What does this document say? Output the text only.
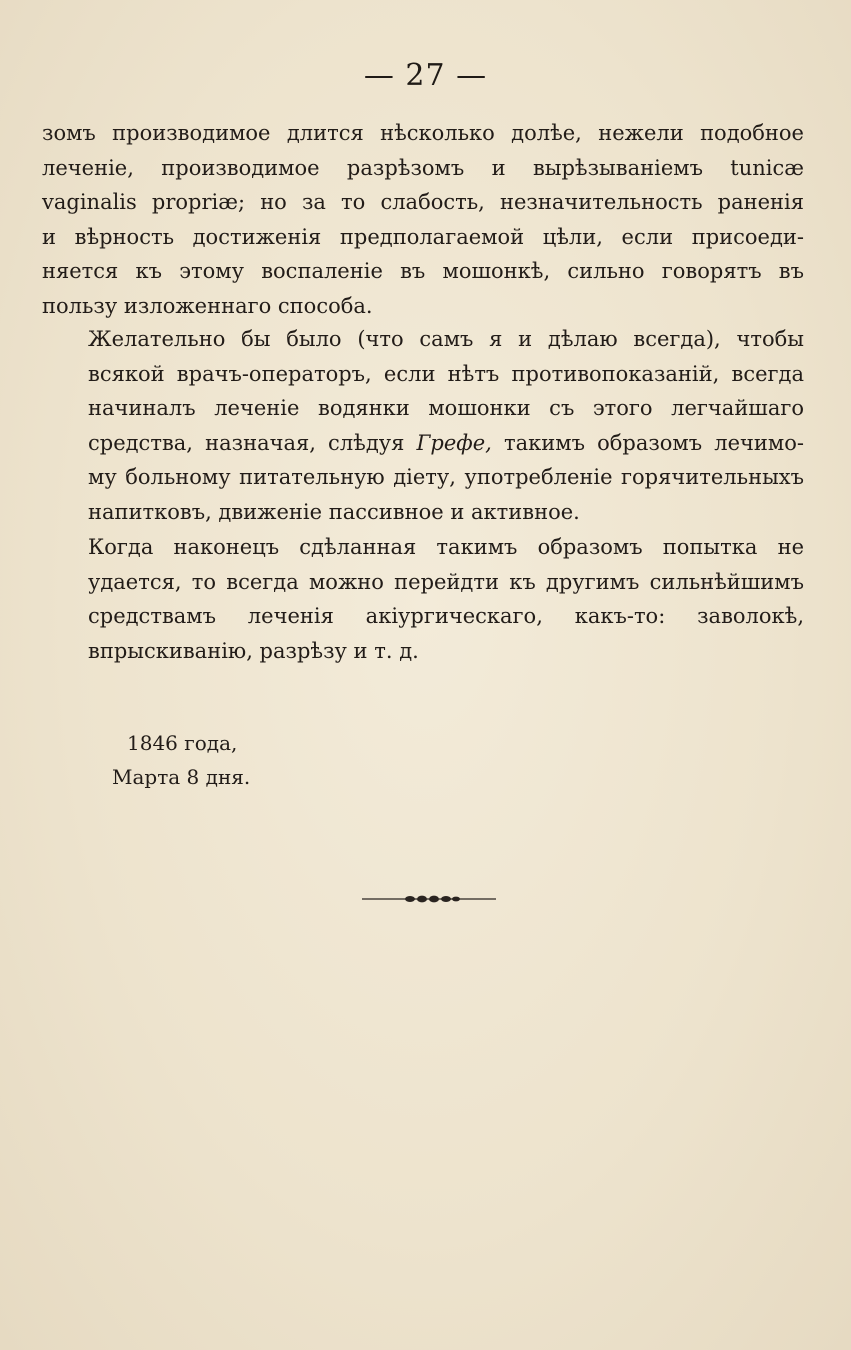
— 27 —
зомъ производимое длится нѣсколько долѣе, нежели подобное
леченіе, производимое разрѣзомъ и вырѣзываніемъ tunicæ
vaginalis propriæ; но за то слабость, незначительность раненія
и вѣрность достиженія предполагаемой цѣли, если присоеди-
няется къ этому воспаленіе въ мошонкѣ, сильно говорятъ въ
пользу изложеннаго способа.
Желательно бы было (что самъ я и дѣлаю всегда), чтобы
всякой врачъ-операторъ, если нѣтъ противопоказаній, всегда
начиналъ леченіе водянки мошонки съ этого легчайшаго
средства, назначая, слѣдуя Грефе, такимъ образомъ лечимо-
му больному питательную діету, употребленіе горячительныхъ
напитковъ, движеніе пассивное и активное.
Когда наконецъ сдѣланная такимъ образомъ попытка не
удается, то всегда можно перейдти къ другимъ сильнѣйшимъ
средствамъ леченія акіургическаго, какъ-то: заволокѣ,
впрыскиванію, разрѣзу и т. д.
1846 года,
Марта 8 дня.
